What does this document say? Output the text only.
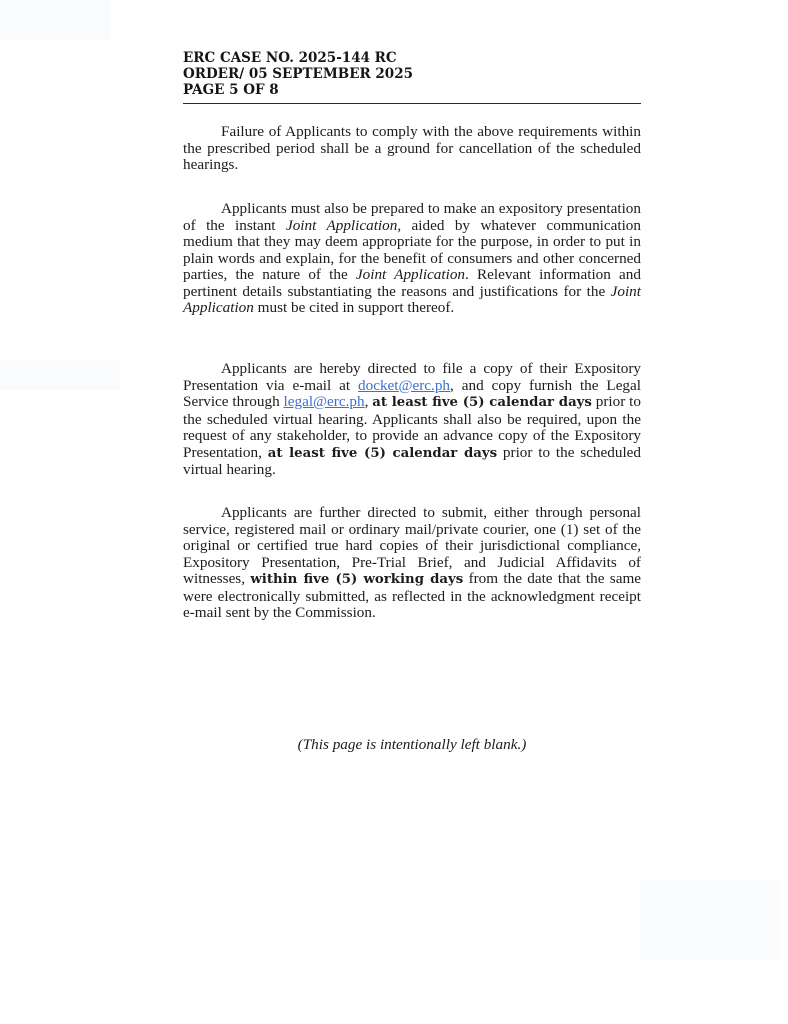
ERC CASE NO. 2025-144 RC
ORDER/ 05 SEPTEMBER 2025
PAGE 5 OF 8

Failure of Applicants to comply with the above requirements within the prescribed period shall be a ground for cancellation of the scheduled hearings.

Applicants must also be prepared to make an expository presentation of the instant Joint Application, aided by whatever communication medium that they may deem appropriate for the purpose, in order to put in plain words and explain, for the benefit of consumers and other concerned parties, the nature of the Joint Application. Relevant information and pertinent details substantiating the reasons and justifications for the Joint Application must be cited in support thereof.

Applicants are hereby directed to file a copy of their Expository Presentation via e-mail at docket@erc.ph, and copy furnish the Legal Service through legal@erc.ph, at least five (5) calendar days prior to the scheduled virtual hearing. Applicants shall also be required, upon the request of any stakeholder, to provide an advance copy of the Expository Presentation, at least five (5) calendar days prior to the scheduled virtual hearing.

Applicants are further directed to submit, either through personal service, registered mail or ordinary mail/private courier, one (1) set of the original or certified true hard copies of their jurisdictional compliance, Expository Presentation, Pre-Trial Brief, and Judicial Affidavits of witnesses, within five (5) working days from the date that the same were electronically submitted, as reflected in the acknowledgment receipt e-mail sent by the Commission.

(This page is intentionally left blank.)
